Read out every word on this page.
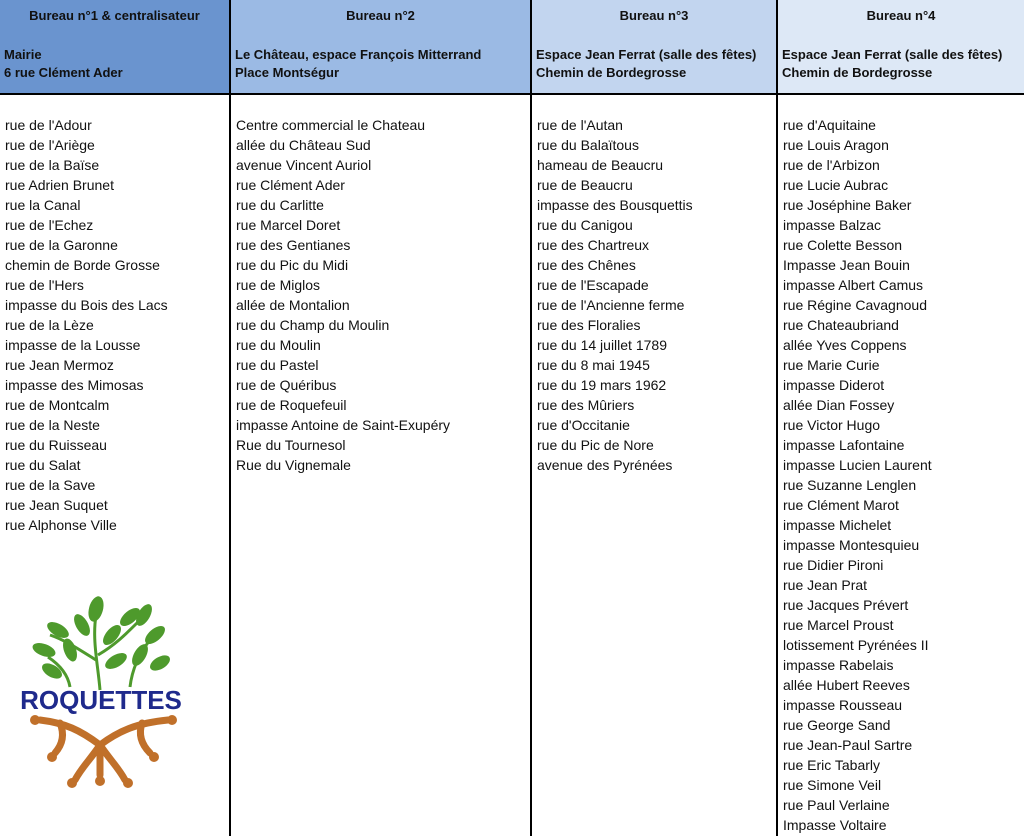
Bureau n°1 & centralisateur
Mairie
6 rue Clément Ader
rue de l'Adour
rue de l'Ariège
rue de la Baïse
rue Adrien Brunet
rue la Canal
rue de l'Echez
rue de la Garonne
chemin de Borde Grosse
rue de l'Hers
impasse du Bois des Lacs
rue de la Lèze
impasse de la Lousse
rue Jean Mermoz
impasse des Mimosas
rue de Montcalm
rue de la Neste
rue du Ruisseau
rue du Salat
rue de la Save
rue Jean Suquet
rue Alphonse Ville
Bureau n°2
Le Château, espace François Mitterrand
Place Montségur
Centre commercial le Chateau
allée du Château Sud
avenue Vincent Auriol
rue Clément Ader
rue du Carlitte
rue Marcel Doret
rue des Gentianes
rue du Pic du Midi
rue de Miglos
allée de Montalion
rue du Champ du Moulin
rue du Moulin
rue du Pastel
rue de Quéribus
rue de Roquefeuil
impasse Antoine de Saint-Exupéry
Rue du Tournesol
Rue du Vignemale
Bureau n°3
Espace Jean Ferrat (salle des fêtes)
Chemin de Bordegrosse
rue de l'Autan
rue du Balaïtous
hameau de Beaucru
rue de Beaucru
impasse des Bousquettis
rue du Canigou
rue des Chartreux
rue des Chênes
rue de l'Escapade
rue de l'Ancienne ferme
rue des Floralies
rue du 14 juillet 1789
rue du 8 mai 1945
rue du 19 mars 1962
rue des Mûriers
rue d'Occitanie
rue du Pic de Nore
avenue des Pyrénées
Bureau n°4
Espace Jean Ferrat (salle des fêtes)
Chemin de Bordegrosse
rue d'Aquitaine
rue Louis Aragon
rue de l'Arbizon
rue Lucie Aubrac
rue Joséphine Baker
impasse Balzac
rue Colette Besson
Impasse Jean Bouin
impasse Albert Camus
rue Régine Cavagnoud
rue Chateaubriand
allée Yves Coppens
rue Marie Curie
impasse Diderot
allée Dian Fossey
rue Victor Hugo
impasse Lafontaine
impasse Lucien Laurent
rue Suzanne Lenglen
rue Clément Marot
impasse Michelet
impasse Montesquieu
rue Didier Pironi
rue Jean Prat
rue Jacques Prévert
rue Marcel Proust
lotissement Pyrénées II
impasse Rabelais
allée Hubert Reeves
impasse Rousseau
rue George Sand
rue Jean-Paul Sartre
rue Eric Tabarly
rue Simone Veil
rue Paul Verlaine
Impasse Voltaire
ROQUETTES
